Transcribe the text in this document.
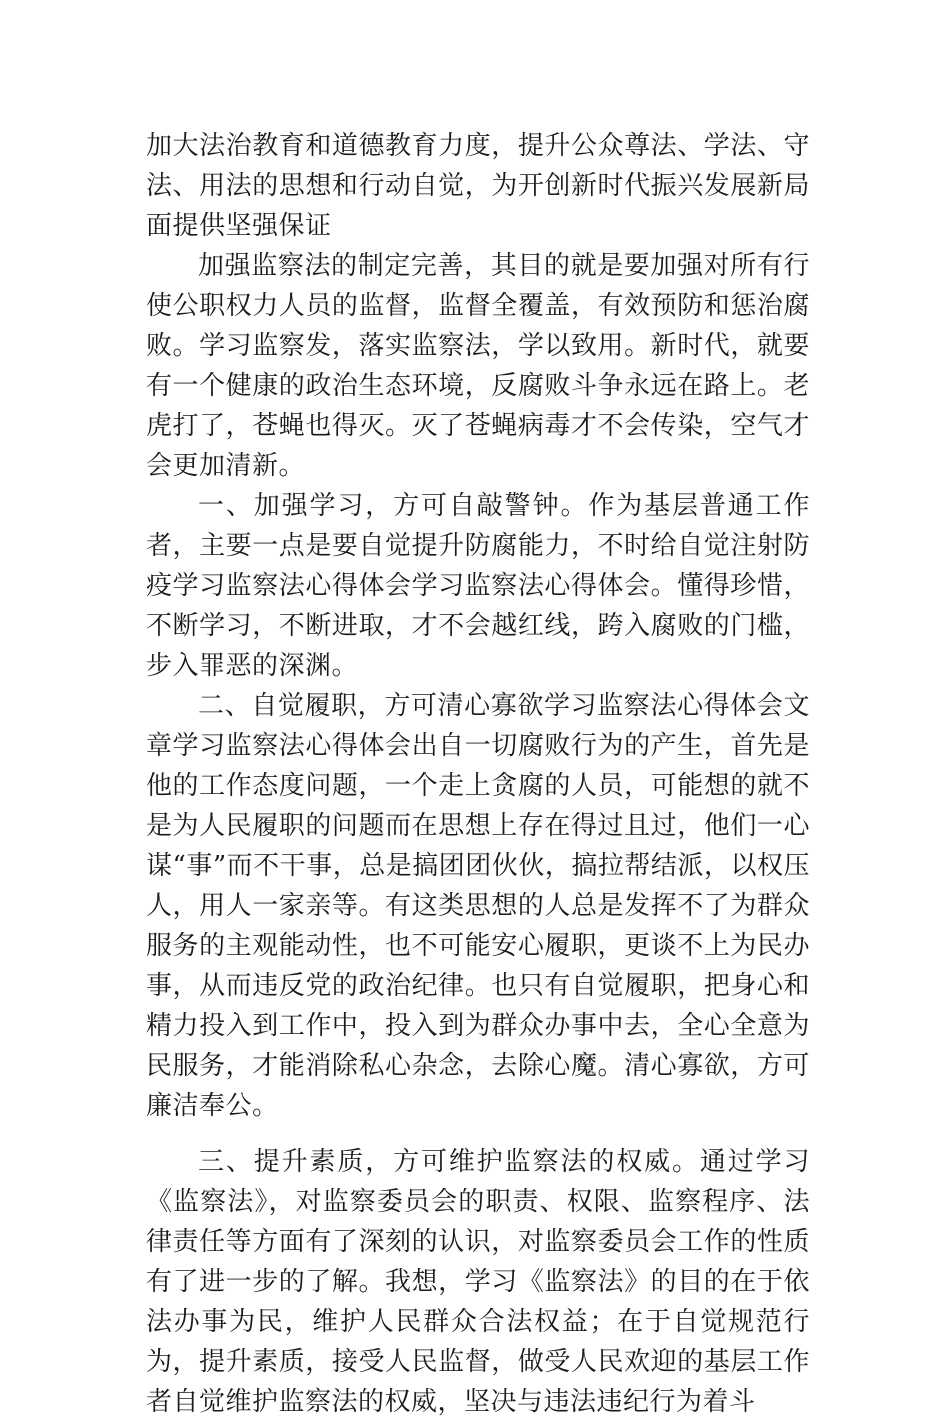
加大法治教育和道德教育力度，提升公众尊法、学法、守法、用法的思想和行动自觉，为开创新时代振兴发展新局面提供坚强保证

加强监察法的制定完善，其目的就是要加强对所有行使公职权力人员的监督，监督全覆盖，有效预防和惩治腐败。学习监察发，落实监察法，学以致用。新时代，就要有一个健康的政治生态环境，反腐败斗争永远在路上。老虎打了，苍蝇也得灭。灭了苍蝇病毒才不会传染，空气才会更加清新。

一、加强学习，方可自敲警钟。作为基层普通工作者，主要一点是要自觉提升防腐能力，不时给自觉注射防疫学习监察法心得体会学习监察法心得体会。懂得珍惜，不断学习，不断进取，才不会越红线，跨入腐败的门槛，步入罪恶的深渊。

二、自觉履职，方可清心寡欲学习监察法心得体会文章学习监察法心得体会出自一切腐败行为的产生，首先是他的工作态度问题，一个走上贪腐的人员，可能想的就不是为人民履职的问题而在思想上存在得过且过，他们一心谋“事”而不干事，总是搞团团伙伙，搞拉帮结派，以权压人，用人一家亲等。有这类思想的人总是发挥不了为群众服务的主观能动性，也不可能安心履职，更谈不上为民办事，从而违反党的政治纪律。也只有自觉履职，把身心和精力投入到工作中，投入到为群众办事中去，全心全意为民服务，才能消除私心杂念，去除心魔。清心寡欲，方可廉洁奉公。

三、提升素质，方可维护监察法的权威。通过学习《监察法》，对监察委员会的职责、权限、监察程序、法律责任等方面有了深刻的认识，对监察委员会工作的性质有了进一步的了解。我想，学习《监察法》的目的在于依法办事为民，维护人民群众合法权益；在于自觉规范行为，提升素质，接受人民监督，做受人民欢迎的基层工作者自觉维护监察法的权威，坚决与违法违纪行为着斗
